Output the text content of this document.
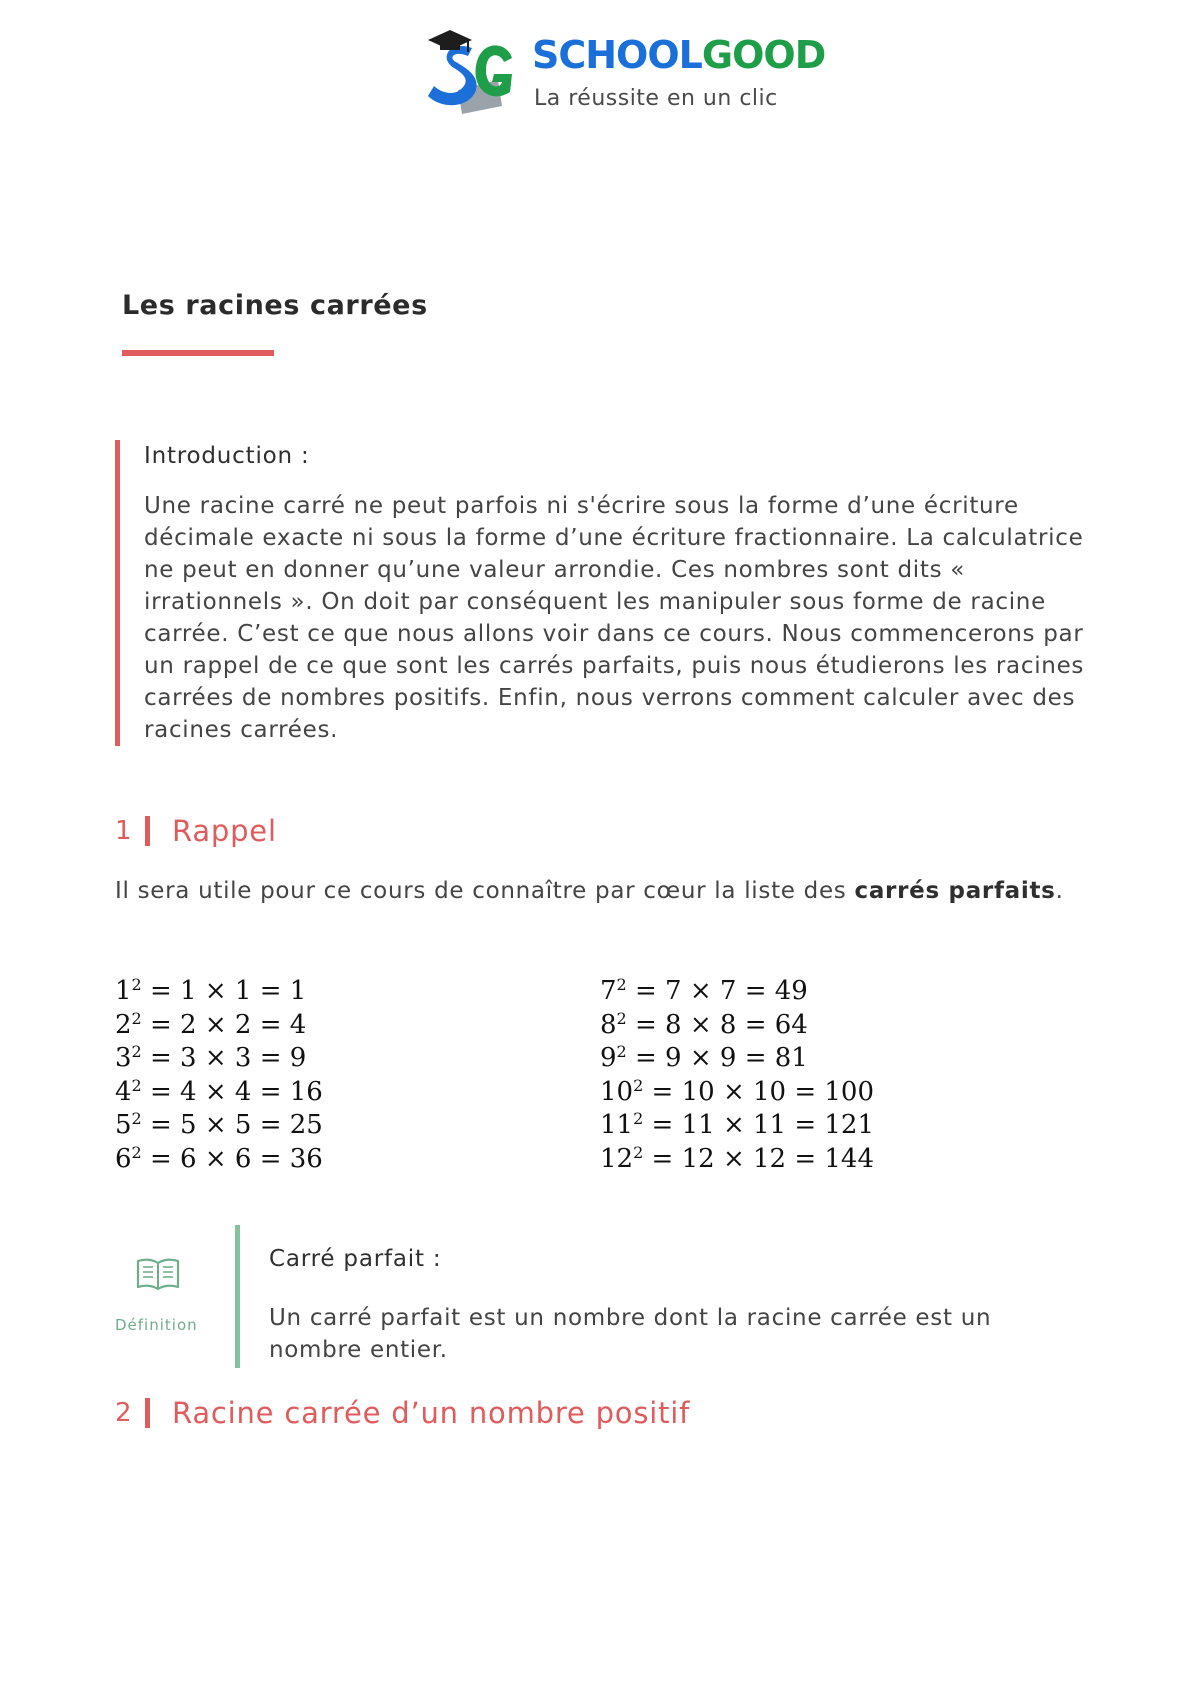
SCHOOLGOOD
La réussite en un clic
Les racines carrées

Introduction :

Une racine carré ne peut parfois ni s'écrire sous la forme d’une écriture décimale exacte ni sous la forme d’une écriture fractionnaire. La calculatrice ne peut en donner qu’une valeur arrondie. Ces nombres sont dits « irrationnels ». On doit par conséquent les manipuler sous forme de racine carrée. C’est ce que nous allons voir dans ce cours. Nous commencerons par un rappel de ce que sont les carrés parfaits, puis nous étudierons les racines carrées de nombres positifs. Enfin, nous verrons comment calculer avec des racines carrées.

1	Rappel

Il sera utile pour ce cours de connaître par cœur la liste des carrés parfaits.

$1^2 = 1 \times 1 = 1$
$2^2 = 2 \times 2 = 4$
$3^2 = 3 \times 3 = 9$
$4^2 = 4 \times 4 = 16$
$5^2 = 5 \times 5 = 25$
$6^2 = 6 \times 6 = 36$
$7^2 = 7 \times 7 = 49$
$8^2 = 8 \times 8 = 64$
$9^2 = 9 \times 9 = 81$
$10^2 = 10 \times 10 = 100$
$11^2 = 11 \times 11 = 121$
$12^2 = 12 \times 12 = 144$
Définition

Carré parfait :

Un carré parfait est un nombre dont la racine carrée est un nombre entier.

2	Racine carrée d’un nombre positif
